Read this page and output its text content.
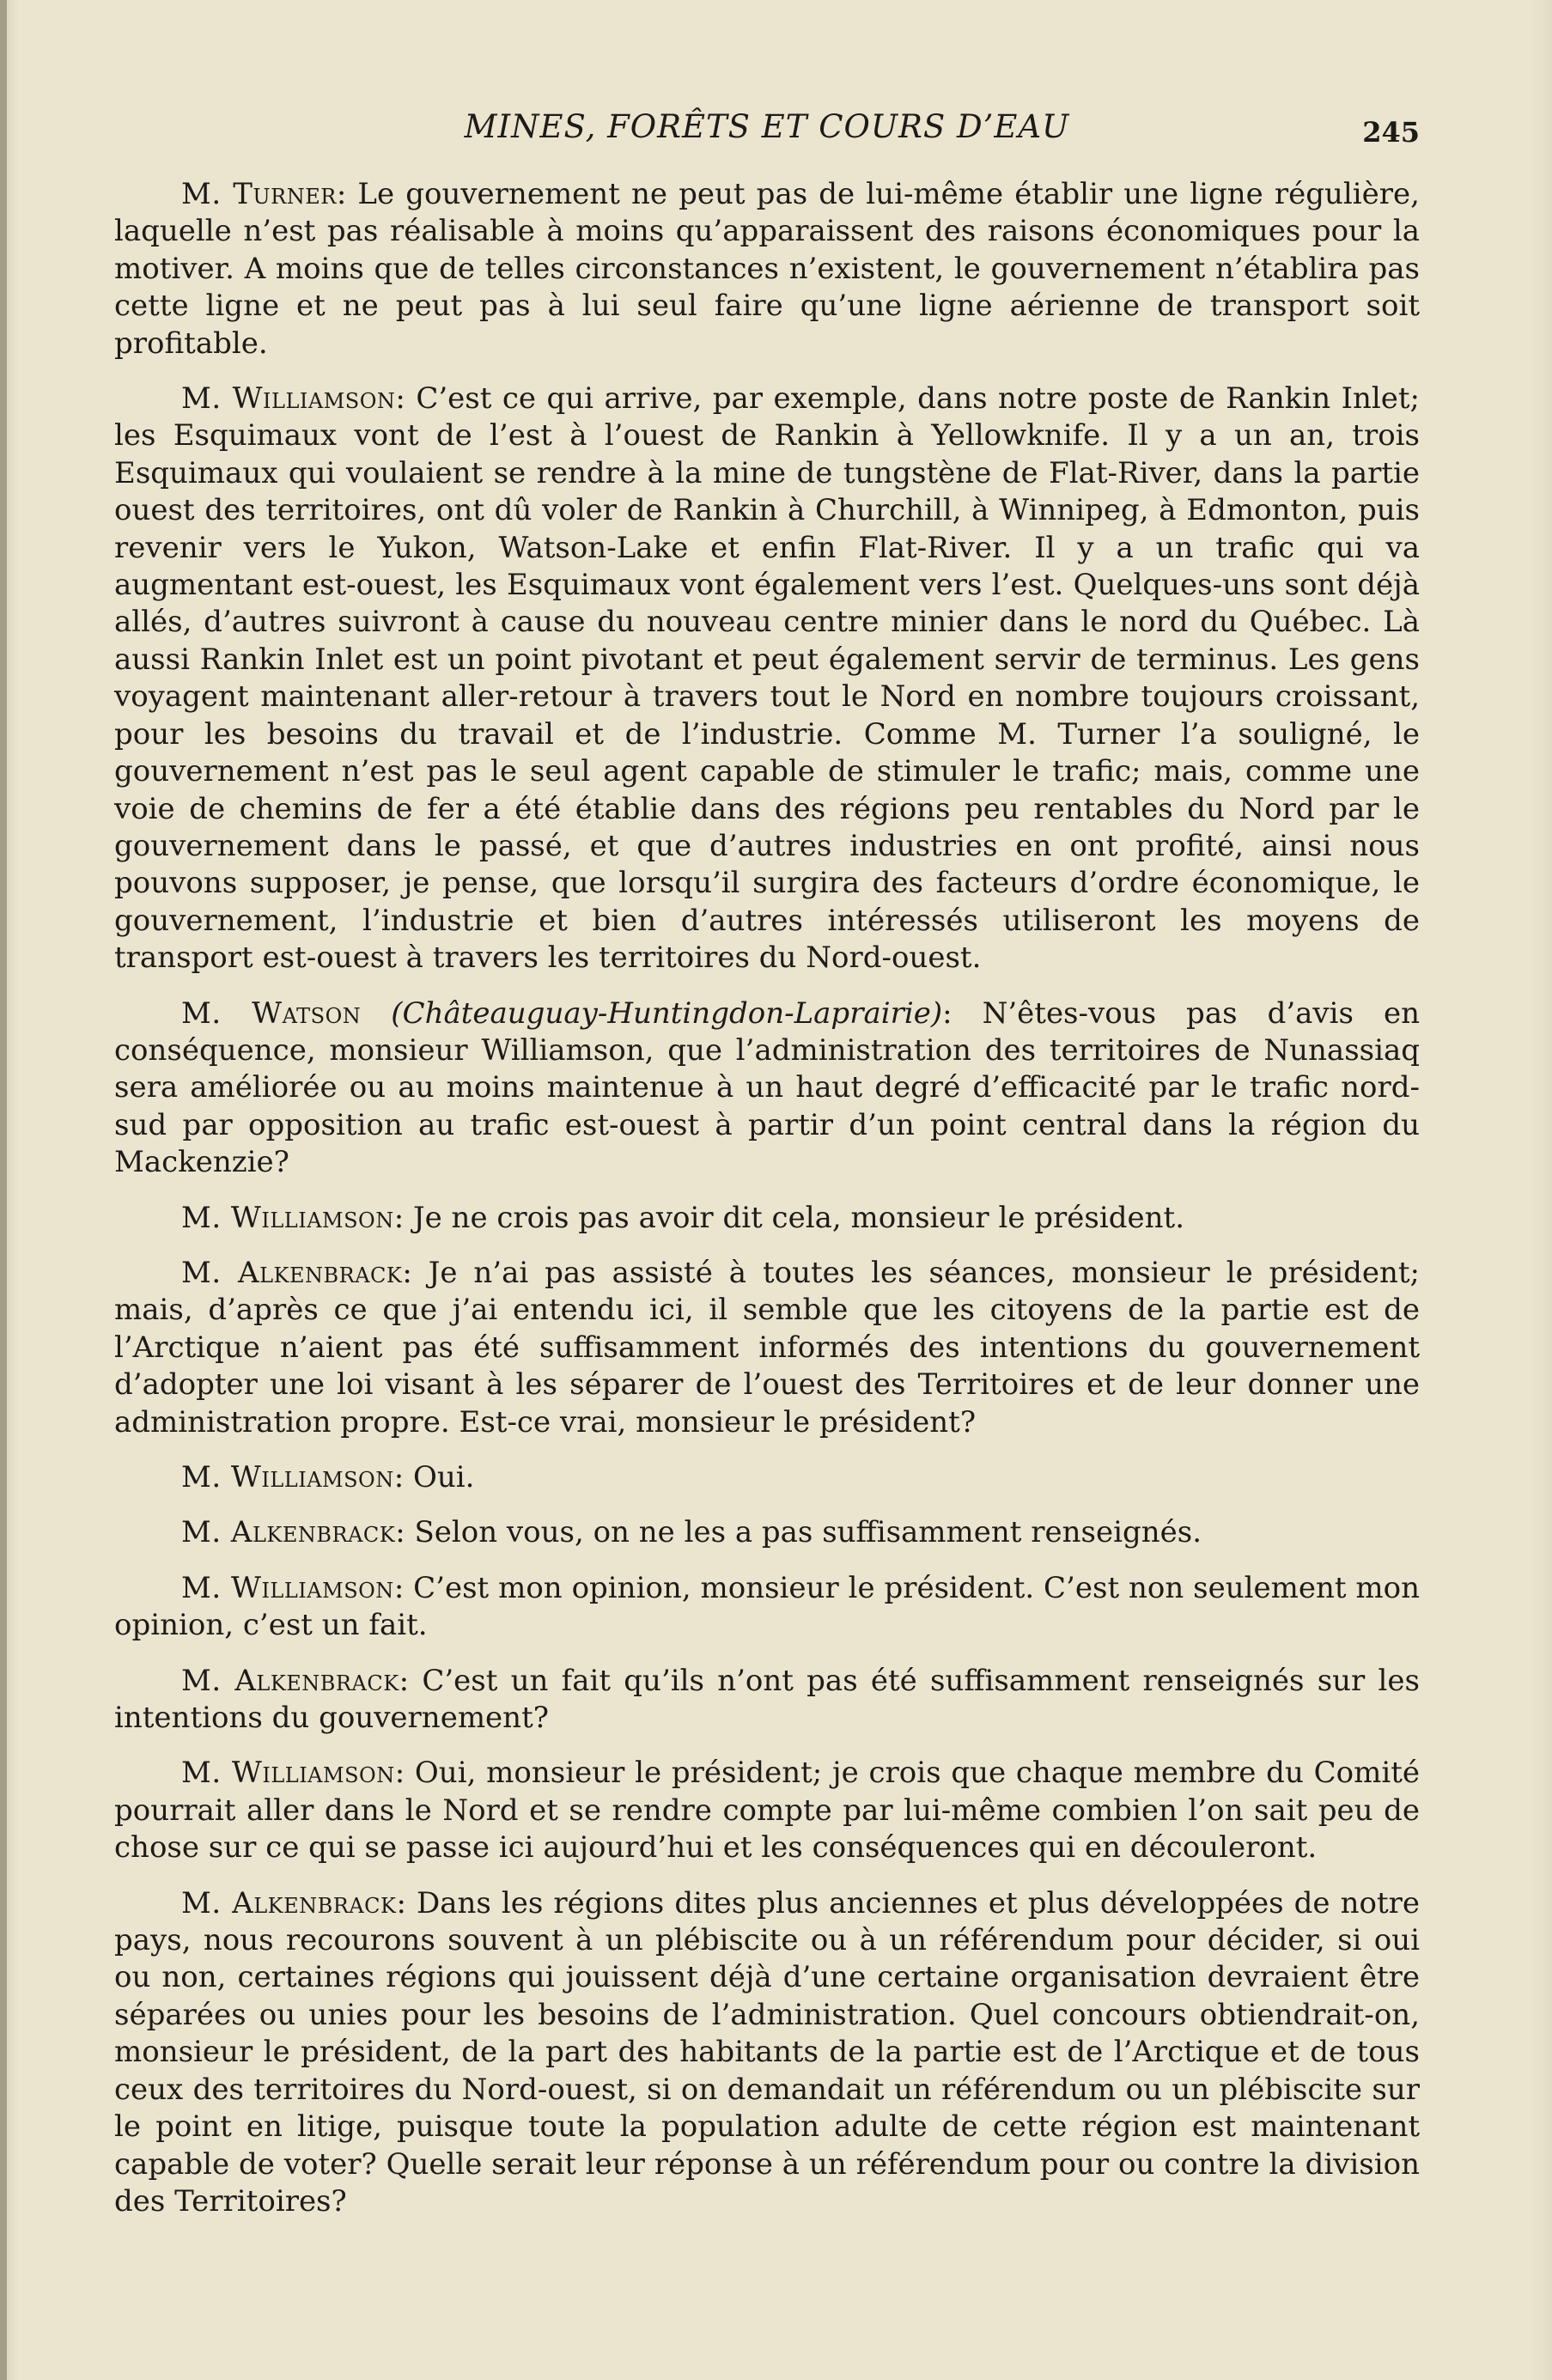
MINES, FORÊTS ET COURS D’EAU	245

M. Turner: Le gouvernement ne peut pas de lui-même établir une ligne régulière, laquelle n’est pas réalisable à moins qu’apparaissent des raisons économiques pour la motiver. A moins que de telles circonstances n’existent, le gouvernement n’établira pas cette ligne et ne peut pas à lui seul faire qu’une ligne aérienne de transport soit profitable.

M. Williamson: C’est ce qui arrive, par exemple, dans notre poste de Rankin Inlet; les Esquimaux vont de l’est à l’ouest de Rankin à Yellowknife. Il y a un an, trois Esquimaux qui voulaient se rendre à la mine de tungstène de Flat-River, dans la partie ouest des territoires, ont dû voler de Rankin à Churchill, à Winnipeg, à Edmonton, puis revenir vers le Yukon, Watson-Lake et enfin Flat-River. Il y a un trafic qui va augmentant est-ouest, les Esquimaux vont également vers l’est. Quelques-uns sont déjà allés, d’autres suivront à cause du nouveau centre minier dans le nord du Québec. Là aussi Rankin Inlet est un point pivotant et peut également servir de terminus. Les gens voyagent maintenant aller-retour à travers tout le Nord en nombre toujours croissant, pour les besoins du travail et de l’industrie. Comme M. Turner l’a souligné, le gouvernement n’est pas le seul agent capable de stimuler le trafic; mais, comme une voie de chemins de fer a été établie dans des régions peu rentables du Nord par le gouvernement dans le passé, et que d’autres industries en ont profité, ainsi nous pouvons supposer, je pense, que lorsqu’il surgira des facteurs d’ordre économique, le gouvernement, l’industrie et bien d’autres intéressés utiliseront les moyens de transport est-ouest à travers les territoires du Nord-ouest.

M. Watson (Châteauguay-Huntingdon-Laprairie): N’êtes-vous pas d’avis en conséquence, monsieur Williamson, que l’administration des territoires de Nunassiaq sera améliorée ou au moins maintenue à un haut degré d’efficacité par le trafic nord-sud par opposition au trafic est-ouest à partir d’un point central dans la région du Mackenzie?

M. Williamson: Je ne crois pas avoir dit cela, monsieur le président.

M. Alkenbrack: Je n’ai pas assisté à toutes les séances, monsieur le président; mais, d’après ce que j’ai entendu ici, il semble que les citoyens de la partie est de l’Arctique n’aient pas été suffisamment informés des intentions du gouvernement d’adopter une loi visant à les séparer de l’ouest des Territoires et de leur donner une administration propre. Est-ce vrai, monsieur le président?

M. Williamson: Oui.

M. Alkenbrack: Selon vous, on ne les a pas suffisamment renseignés.

M. Williamson: C’est mon opinion, monsieur le président. C’est non seulement mon opinion, c’est un fait.

M. Alkenbrack: C’est un fait qu’ils n’ont pas été suffisamment renseignés sur les intentions du gouvernement?

M. Williamson: Oui, monsieur le président; je crois que chaque membre du Comité pourrait aller dans le Nord et se rendre compte par lui-même combien l’on sait peu de chose sur ce qui se passe ici aujourd’hui et les conséquences qui en découleront.

M. Alkenbrack: Dans les régions dites plus anciennes et plus développées de notre pays, nous recourons souvent à un plébiscite ou à un référendum pour décider, si oui ou non, certaines régions qui jouissent déjà d’une certaine organisation devraient être séparées ou unies pour les besoins de l’administration. Quel concours obtiendrait-on, monsieur le président, de la part des habitants de la partie est de l’Arctique et de tous ceux des territoires du Nord-ouest, si on demandait un référendum ou un plébiscite sur le point en litige, puisque toute la population adulte de cette région est maintenant capable de voter? Quelle serait leur réponse à un référendum pour ou contre la division des Territoires?
